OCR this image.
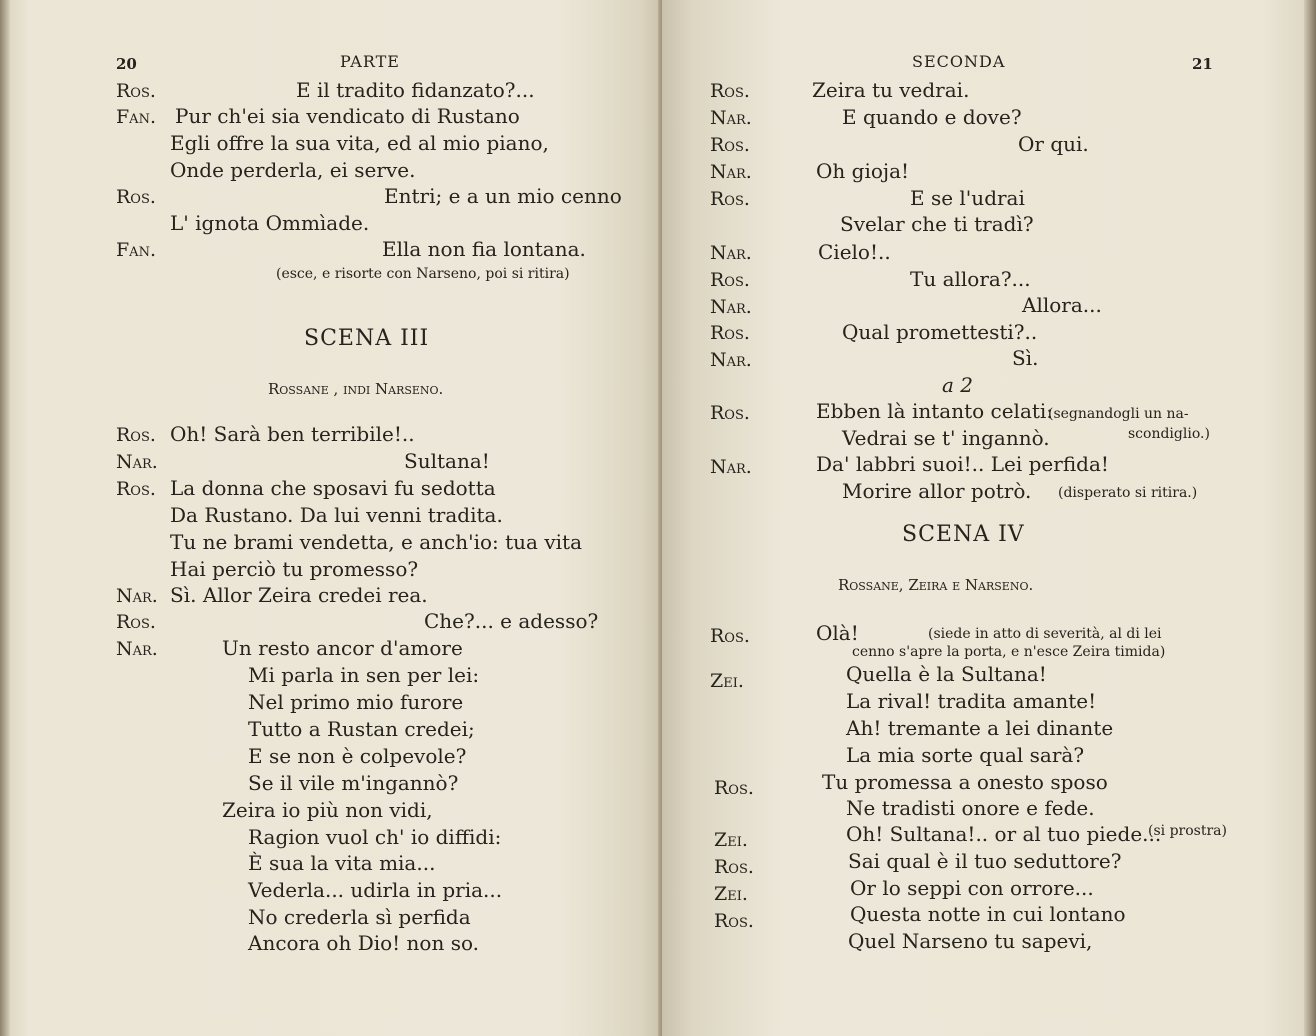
20	PARTE
Ros.	E il tradito fidanzato?...
Fan. Pur ch'ei sia vendicato di Rustano
Egli offre la sua vita, ed al mio piano,
Onde perderla, ei serve.
Ros.	Entri; e a un mio cenno
L' ignota Ommìade.
Fan.	Ella non fia lontana.
(esce, e risorte con Narseno, poi si ritira)
SCENA III
Rossane , indi Narseno.
Ros. Oh! Sarà ben terribile!..
Nar.	Sultana!
Ros. La donna che sposavi fu sedotta
Da Rustano. Da lui venni tradita.
Tu ne brami vendetta, e anch'io: tua vita
Hai perciò tu promesso?
Nar. Sì. Allor Zeira credei rea.
Ros.	Che?... e adesso?
Nar.	Un resto ancor d'amore
Mi parla in sen per lei:
Nel primo mio furore
Tutto a Rustan credei;
E se non è colpevole?
Se il vile m'ingannò?
Zeira io più non vidi,
Ragion vuol ch' io diffidi:
È sua la vita mia...
Vederla... udirla in pria...
No crederla sì perfida
Ancora oh Dio! non so.
SECONDA	21
Ros.	Zeira tu vedrai.
Nar.	E quando e dove?
Ros.	Or qui.
Nar.	Oh gioja!
Ros.	E se l'udrai
Svelar che ti tradì?
Nar.	Cielo!..
Ros.	Tu allora?...
Nar.	Allora...
Ros.	Qual promettesti?..
Nar.	Sì.
a 2
Ros.	Ebben là intanto celati:
(segnandogli un na-
Vedrai se t' ingannò.	scondiglio.)
Nar.	Da' labbri suoi!.. Lei perfida!
Morire allor potrò. (disperato si ritira.)
SCENA IV
Rossane, Zeira e Narseno.
Ros.	Olà!	(siede in atto di severità, al di lei
cenno s'apre la porta, e n'esce Zeira timida)
Zei.	Quella è la Sultana!
La rival! tradita amante!
Ah! tremante a lei dinante
La mia sorte qual sarà?
Ros.	Tu promessa a onesto sposo
Ne tradisti onore e fede.
Zei.	Oh! Sultana!.. or al tuo piede...
(si prostra)
Ros.	Sai qual è il tuo seduttore?
Zei.	Or lo seppi con orrore...
Ros.	Questa notte in cui lontano
Quel Narseno tu sapevi,
